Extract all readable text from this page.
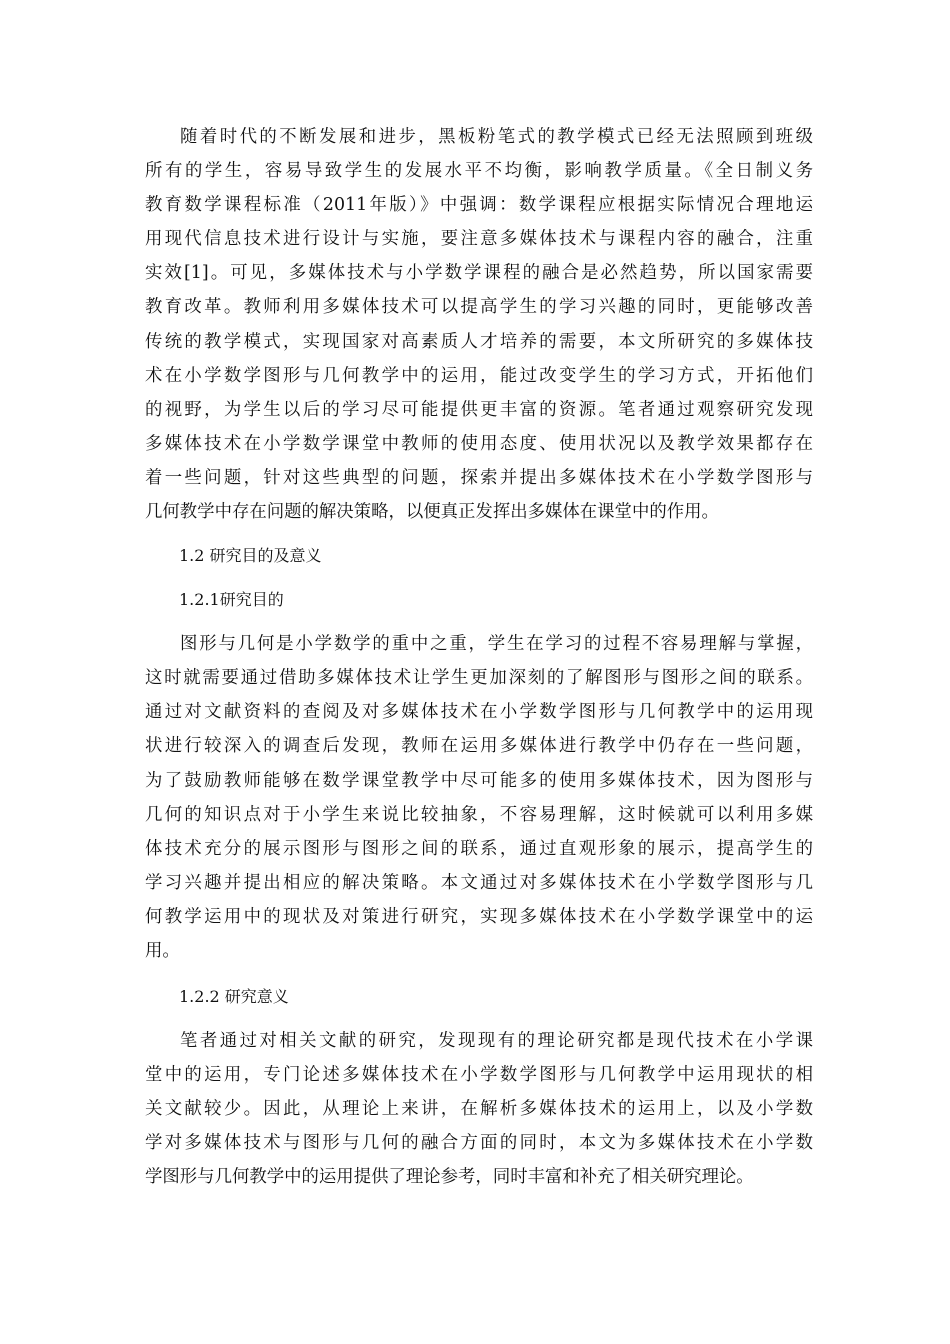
随着时代的不断发展和进步，黑板粉笔式的教学模式已经无法照顾到班级
所有的学生，容易导致学生的发展水平不均衡，影响教学质量。《全日制义务
教育数学课程标准（2011年版）》中强调：数学课程应根据实际情况合理地运
用现代信息技术进行设计与实施，要注意多媒体技术与课程内容的融合，注重
实效[1]。可见，多媒体技术与小学数学课程的融合是必然趋势，所以国家需要
教育改革。教师利用多媒体技术可以提高学生的学习兴趣的同时，更能够改善
传统的教学模式，实现国家对高素质人才培养的需要，本文所研究的多媒体技
术在小学数学图形与几何教学中的运用，能过改变学生的学习方式，开拓他们
的视野，为学生以后的学习尽可能提供更丰富的资源。笔者通过观察研究发现
多媒体技术在小学数学课堂中教师的使用态度、使用状况以及教学效果都存在
着一些问题，针对这些典型的问题，探索并提出多媒体技术在小学数学图形与
几何教学中存在问题的解决策略，以便真正发挥出多媒体在课堂中的作用。
1.2 研究目的及意义
1.2.1研究目的
图形与几何是小学数学的重中之重，学生在学习的过程不容易理解与掌握，
这时就需要通过借助多媒体技术让学生更加深刻的了解图形与图形之间的联系。
通过对文献资料的查阅及对多媒体技术在小学数学图形与几何教学中的运用现
状进行较深入的调查后发现，教师在运用多媒体进行教学中仍存在一些问题，
为了鼓励教师能够在数学课堂教学中尽可能多的使用多媒体技术，因为图形与
几何的知识点对于小学生来说比较抽象，不容易理解，这时候就可以利用多媒
体技术充分的展示图形与图形之间的联系，通过直观形象的展示，提高学生的
学习兴趣并提出相应的解决策略。本文通过对多媒体技术在小学数学图形与几
何教学运用中的现状及对策进行研究，实现多媒体技术在小学数学课堂中的运
用。
1.2.2 研究意义
笔者通过对相关文献的研究，发现现有的理论研究都是现代技术在小学课
堂中的运用，专门论述多媒体技术在小学数学图形与几何教学中运用现状的相
关文献较少。因此，从理论上来讲，在解析多媒体技术的运用上，以及小学数
学对多媒体技术与图形与几何的融合方面的同时，本文为多媒体技术在小学数
学图形与几何教学中的运用提供了理论参考，同时丰富和补充了相关研究理论。
